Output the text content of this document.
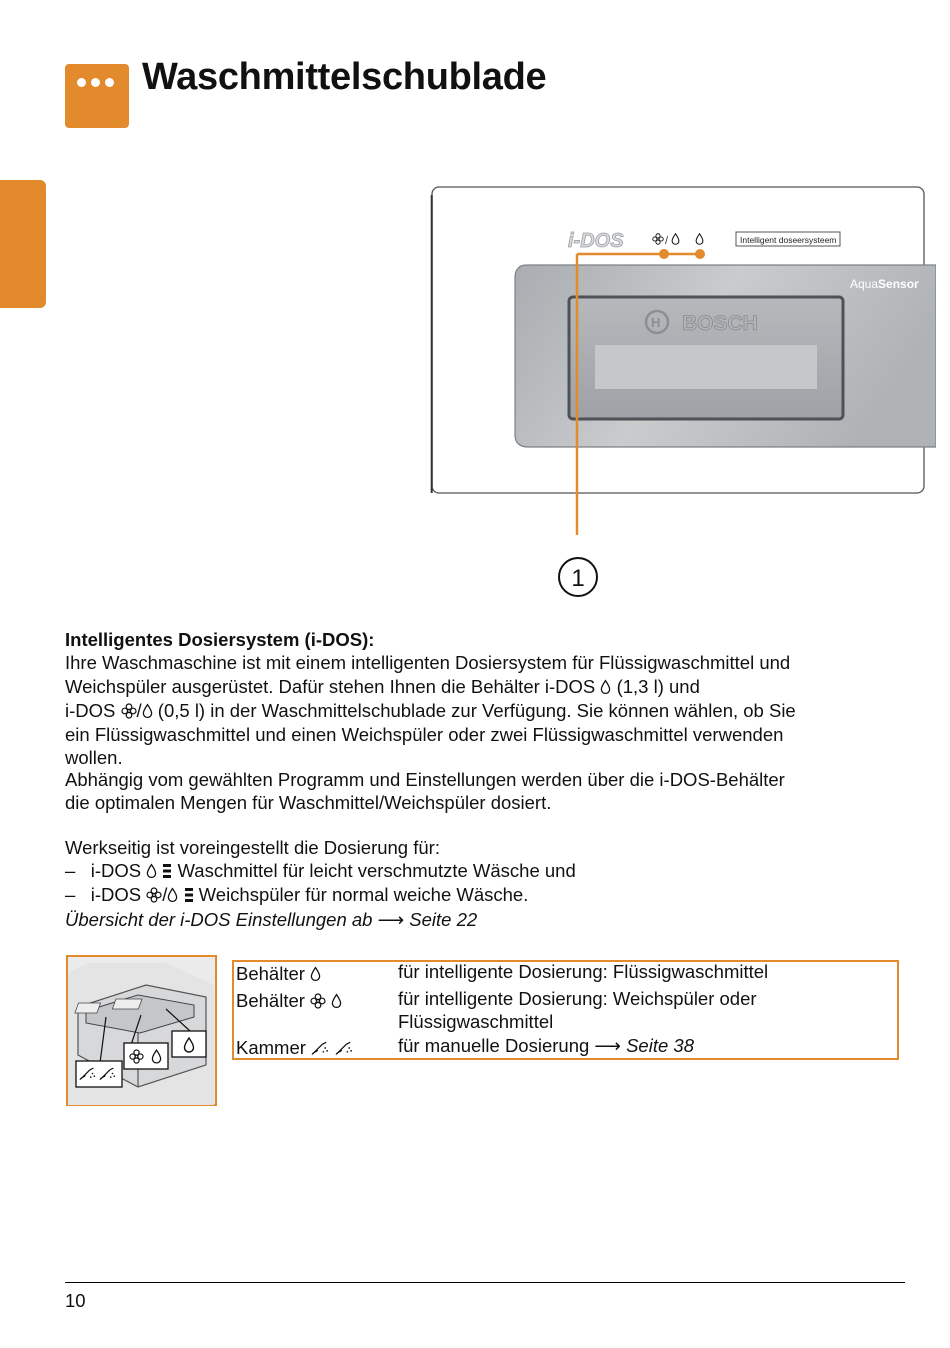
Waschmittelschublade
i-DOS	/	Intelligent doseersysteem
AquaSensor
H BOSCH
1
Intelligentes Dosiersystem (i-DOS):
Ihre Waschmaschine ist mit einem intelligenten Dosiersystem für Flüssigwaschmittel und
Weichspüler ausgerüstet. Dafür stehen Ihnen die Behälter i-DOS (1,3 l) und
i-DOS / (0,5 l) in der Waschmittelschublade zur Verfügung. Sie können wählen, ob Sie
ein Flüssigwaschmittel und einen Weichspüler oder zwei Flüssigwaschmittel verwenden
wollen.
Abhängig vom gewählten Programm und Einstellungen werden über die i-DOS-Behälter
die optimalen Mengen für Waschmittel/Weichspüler dosiert.
Werkseitig ist voreingestellt die Dosierung für:
– i-DOS Waschmittel für leicht verschmutzte Wäsche und
– i-DOS / Weichspüler für normal weiche Wäsche.
Übersicht der i-DOS Einstellungen ab ⟶ Seite 22
Behälter	für intelligente Dosierung: Flüssigwaschmittel
Behälter	für intelligente Dosierung: Weichspüler oder
Flüssigwaschmittel
Kammer	für manuelle Dosierung ⟶ Seite 38
10
